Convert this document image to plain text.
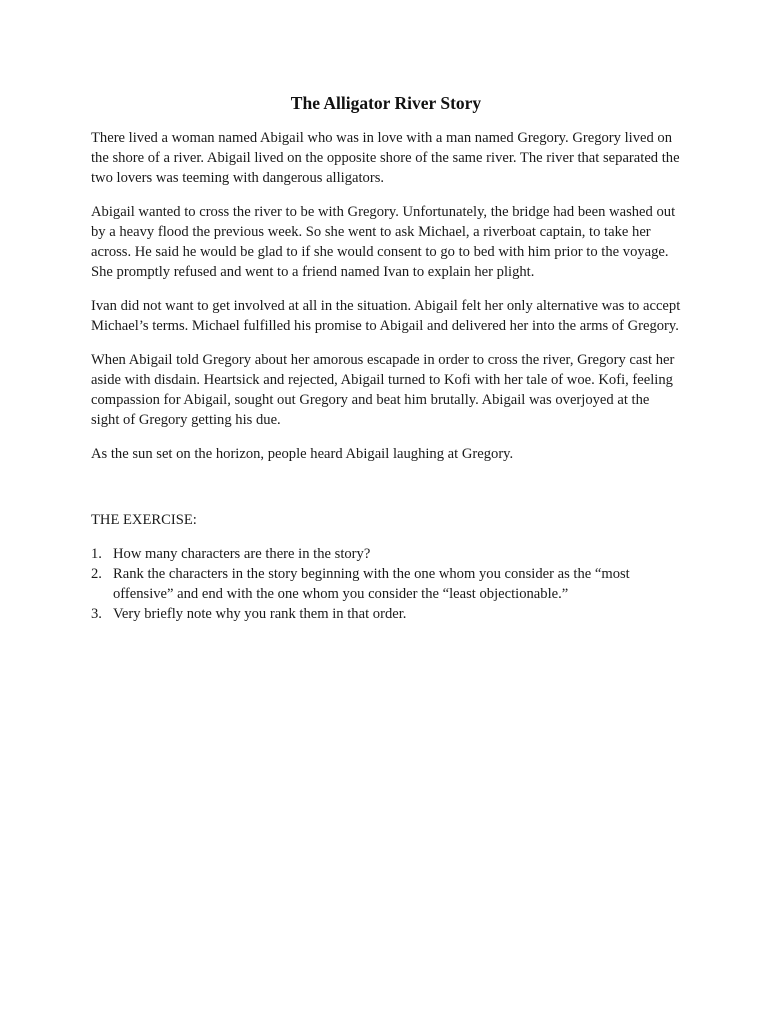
The Alligator River Story

There lived a woman named Abigail who was in love with a man named Gregory. Gregory lived on the shore of a river. Abigail lived on the opposite shore of the same river. The river that separated the two lovers was teeming with dangerous alligators.

Abigail wanted to cross the river to be with Gregory. Unfortunately, the bridge had been washed out by a heavy flood the previous week. So she went to ask Michael, a riverboat captain, to take her across. He said he would be glad to if she would consent to go to bed with him prior to the voyage. She promptly refused and went to a friend named Ivan to explain her plight.

Ivan did not want to get involved at all in the situation. Abigail felt her only alternative was to accept Michael’s terms. Michael fulfilled his promise to Abigail and delivered her into the arms of Gregory.

When Abigail told Gregory about her amorous escapade in order to cross the river, Gregory cast her aside with disdain. Heartsick and rejected, Abigail turned to Kofi with her tale of woe. Kofi, feeling compassion for Abigail, sought out Gregory and beat him brutally. Abigail was overjoyed at the sight of Gregory getting his due.

As the sun set on the horizon, people heard Abigail laughing at Gregory.

THE EXERCISE:

1. How many characters are there in the story?
2. Rank the characters in the story beginning with the one whom you consider as the “most offensive” and end with the one whom you consider the “least objectionable.”
3. Very briefly note why you rank them in that order.
